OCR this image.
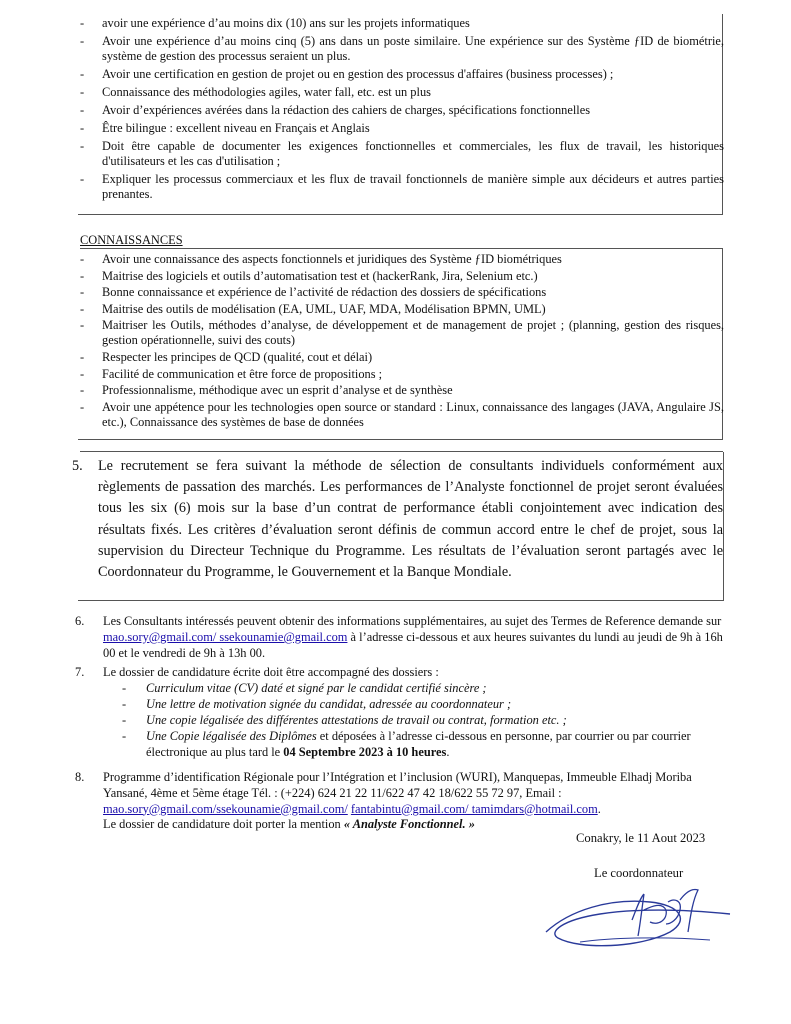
- avoir une expérience d’au moins dix (10) ans sur les projets informatiques
- Avoir une expérience d’au moins cinq (5) ans dans un poste similaire. Une expérience sur des Système ƒID de biométrie, système de gestion des processus seraient un plus.
- Avoir une certification en gestion de projet ou en gestion des processus d'affaires (business processes) ;
- Connaissance des méthodologies agiles, water fall, etc. est un plus
- Avoir d’expériences avérées dans la rédaction des cahiers de charges, spécifications fonctionnelles
- Être bilingue : excellent niveau en Français et Anglais
- Doit être capable de documenter les exigences fonctionnelles et commerciales, les flux de travail, les historiques d'utilisateurs et les cas d'utilisation ;
- Expliquer les processus commerciaux et les flux de travail fonctionnels de manière simple aux décideurs et autres parties prenantes.
CONNAISSANCES
- Avoir une connaissance des aspects fonctionnels et juridiques des Système ƒID biométriques
- Maitrise des logiciels et outils d’automatisation test et (hackerRank, Jira, Selenium etc.)
- Bonne connaissance et expérience de l’activité de rédaction des dossiers de spécifications
- Maitrise des outils de modélisation (EA, UML, UAF, MDA, Modélisation BPMN, UML)
- Maitriser les Outils, méthodes d’analyse, de développement et de management de projet ; (planning, gestion des risques, gestion opérationnelle, suivi des couts)
- Respecter les principes de QCD (qualité, cout et délai)
- Facilité de communication et être force de propositions ;
- Professionnalisme, méthodique avec un esprit d’analyse et de synthèse
- Avoir une appétence pour les technologies open source or standard : Linux, connaissance des langages (JAVA, Angulaire JS, etc.), Connaissance des systèmes de base de données
5. Le recrutement se fera suivant la méthode de sélection de consultants individuels conformément aux règlements de passation des marchés. Les performances de l’Analyste fonctionnel de projet seront évaluées tous les six (6) mois sur la base d’un contrat de performance établi conjointement avec indication des résultats fixés. Les critères d’évaluation seront définis de commun accord entre le chef de projet, sous la supervision du Directeur Technique du Programme. Les résultats de l’évaluation seront partagés avec le Coordonnateur du Programme, le Gouvernement et la Banque Mondiale.
6. Les Consultants intéressés peuvent obtenir des informations supplémentaires, au sujet des Termes de Reference demande sur mao.sory@gmail.com/ ssekounamie@gmail.com à l’adresse ci-dessous et aux heures suivantes du lundi au jeudi de 9h à 16h 00 et le vendredi de 9h à 13h 00.
7. Le dossier de candidature écrite doit être accompagné des dossiers :
- Curriculum vitae (CV) daté et signé par le candidat certifié sincère ;
- Une lettre de motivation signée du candidat, adressée au coordonnateur ;
- Une copie légalisée des différentes attestations de travail ou contrat, formation etc. ;
- Une Copie légalisée des Diplômes et déposées à l’adresse ci-dessous en personne, par courrier ou par courrier électronique au plus tard le 04 Septembre 2023 à 10 heures.
8. Programme d’identification Régionale pour l’Intégration et l’inclusion (WURI), Manquepas, Immeuble Elhadj Moriba Yansané, 4ème et 5ème étage Tél. : (+224) 624 21 22 11/622 47 42 18/622 55 72 97, Email :
mao.sory@gmail.com/ssekounamie@gmail.com/ fantabintu@gmail.com/ tamimdars@hotmail.com.
Le dossier de candidature doit porter la mention « Analyste Fonctionnel. »
Conakry, le 11 Aout 2023
Le coordonnateur
